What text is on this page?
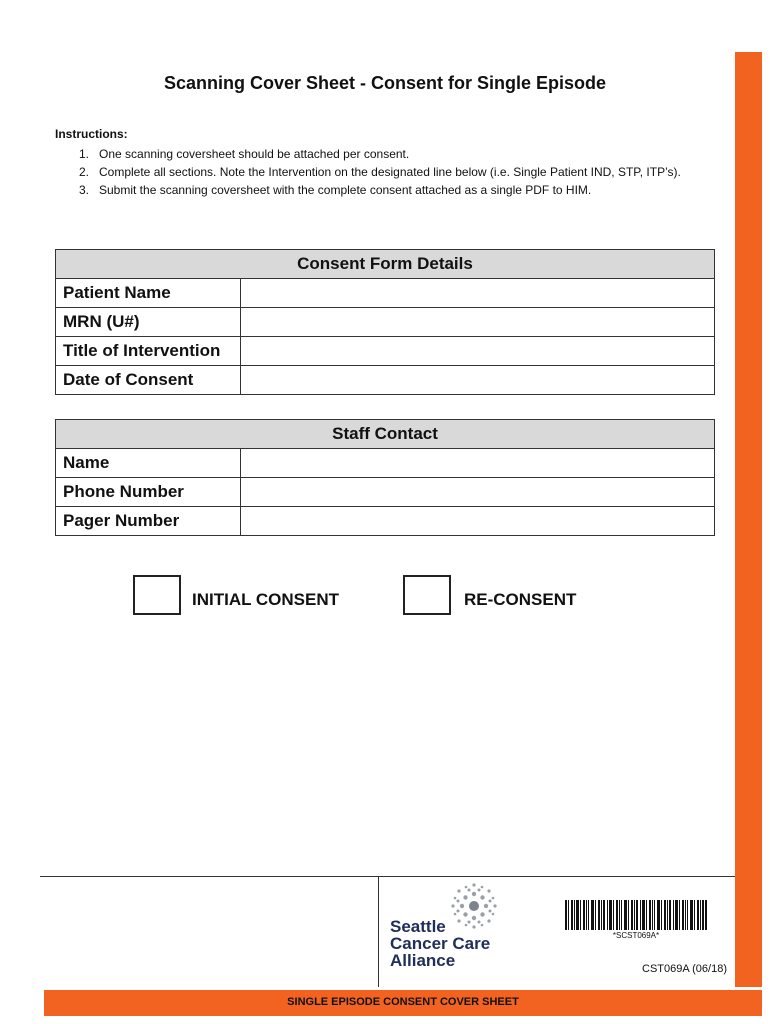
Scanning Cover Sheet - Consent for Single Episode
Instructions:
1. One scanning coversheet should be attached per consent.
2. Complete all sections. Note the Intervention on the designated line below (i.e. Single Patient IND, STP, ITP’s).
3. Submit the scanning coversheet with the complete consent attached as a single PDF to HIM.
Consent Form Details	
Patient Name	
MRN (U#)	
Title of Intervention	
Date of Consent	
Staff Contact	
Name	
Phone Number	
Pager Number	
INITIAL CONSENT	RE-CONSENT
Seattle
Cancer Care
Alliance
*SCST069A*
CST069A (06/18)
SINGLE EPISODE CONSENT COVER SHEET
